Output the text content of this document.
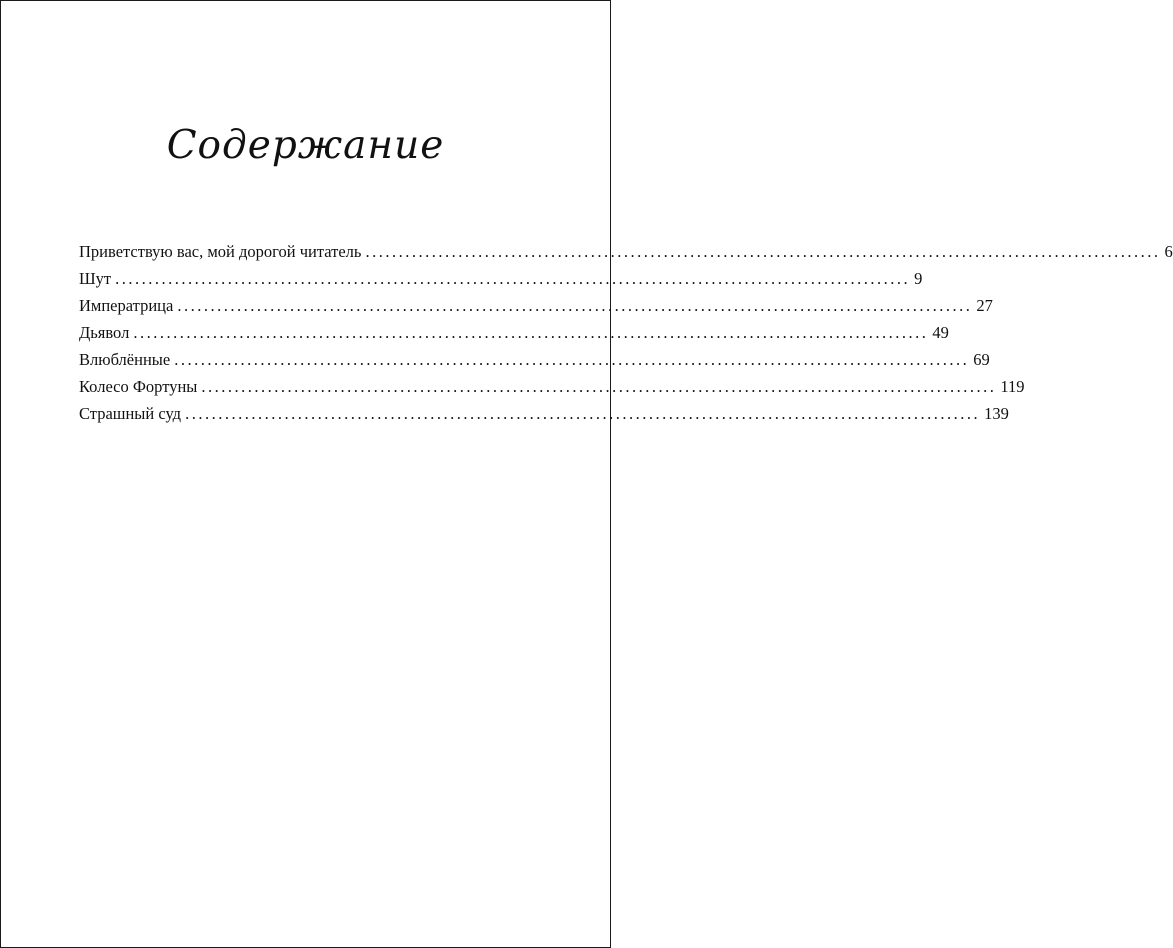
Содержание
Приветствую вас, мой дорогой читатель ........................................................................................................................ 6
Шут ........................................................................................................................ 9
Императрица ........................................................................................................................ 27
Дьявол ........................................................................................................................ 49
Влюблённые ........................................................................................................................ 69
Колесо Фортуны ........................................................................................................................ 119
Страшный суд ........................................................................................................................ 139
